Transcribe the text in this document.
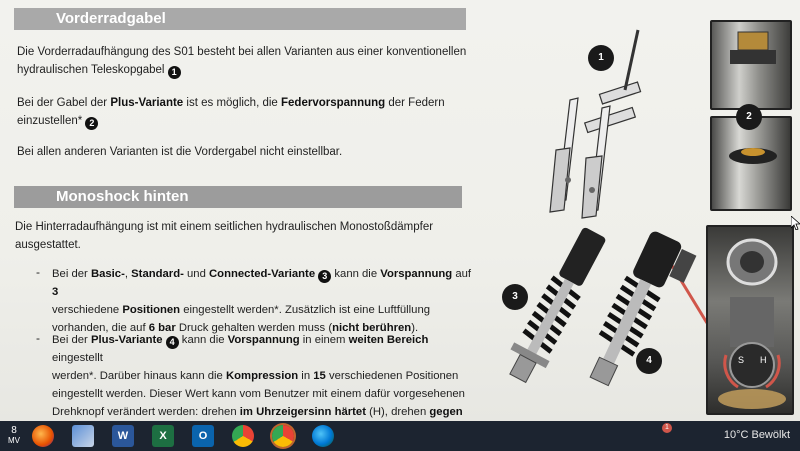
Vorderradgabel
Die Vorderradaufhängung des S01 besteht bei allen Varianten aus einer konventionellen
hydraulischen Teleskopgabel 1
Bei der Gabel der Plus-Variante ist es möglich, die Federvorspannung der Federn
einzustellen* 2
Bei allen anderen Varianten ist die Vordergabel nicht einstellbar.
Monoshock hinten
Die Hinterradaufhängung ist mit einem seitlichen hydraulischen Monostoßdämpfer
ausgestattet.
- Bei der Basic-, Standard- und Connected-Variante 3 kann die Vorspannung auf 3
verschiedene Positionen eingestellt werden*. Zusätzlich ist eine Luftfüllung
vorhanden, die auf 6 bar Druck gehalten werden muss (nicht berühren).
- Bei der Plus-Variante 4 kann die Vorspannung in einem weiten Bereich eingestellt
werden*. Darüber hinaus kann die Kompression in 15 verschiedenen Positionen
eingestellt werden. Dieser Wert kann vom Benutzer mit einem dafür vorgesehenen
Drehknopf verändert werden: drehen im Uhrzeigersinn härtet (H), drehen gegen
1
2
3
4	S H
8
MV	W	X	O
1
10°C Bewölkt
